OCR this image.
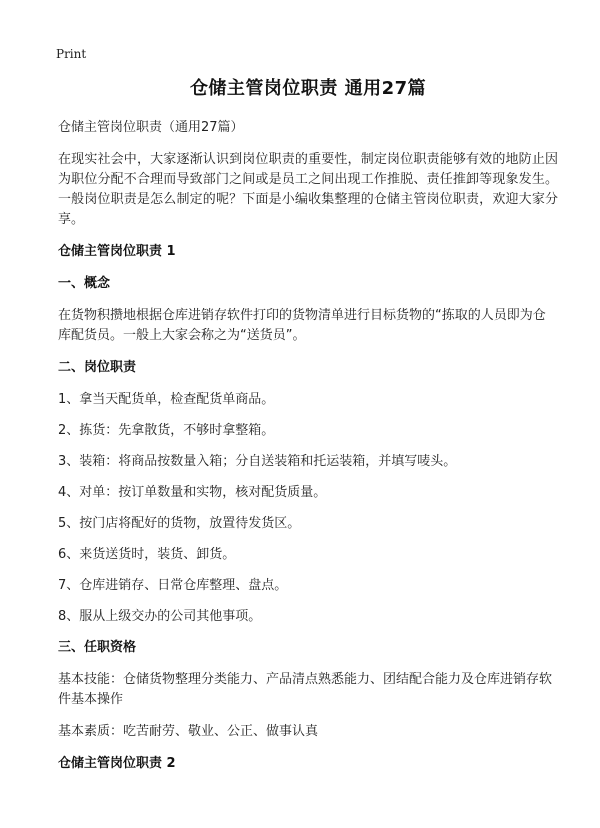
Print
仓储主管岗位职责 通用27篇
仓储主管岗位职责（通用27篇）
在现实社会中，大家逐渐认识到岗位职责的重要性，制定岗位职责能够有效的地防止因为职位分配不合理而导致部门之间或是员工之间出现工作推脱、责任推卸等现象发生。一般岗位职责是怎么制定的呢？下面是小编收集整理的仓储主管岗位职责，欢迎大家分享。
仓储主管岗位职责 1
一、概念
在货物积攒地根据仓库进销存软件打印的货物清单进行目标货物的“拣取的人员即为仓库配货员。一般上大家会称之为“送货员”。
二、岗位职责
1、拿当天配货单，检查配货单商品。
2、拣货：先拿散货，不够时拿整箱。
3、装箱：将商品按数量入箱；分自送装箱和托运装箱，并填写唛头。
4、对单：按订单数量和实物，核对配货质量。
5、按门店将配好的货物，放置待发货区。
6、来货送货时，装货、卸货。
7、仓库进销存、日常仓库整理、盘点。
8、服从上级交办的公司其他事项。
三、任职资格
基本技能：仓储货物整理分类能力、产品清点熟悉能力、团结配合能力及仓库进销存软件基本操作
基本素质：吃苦耐劳、敬业、公正、做事认真
仓储主管岗位职责 2
